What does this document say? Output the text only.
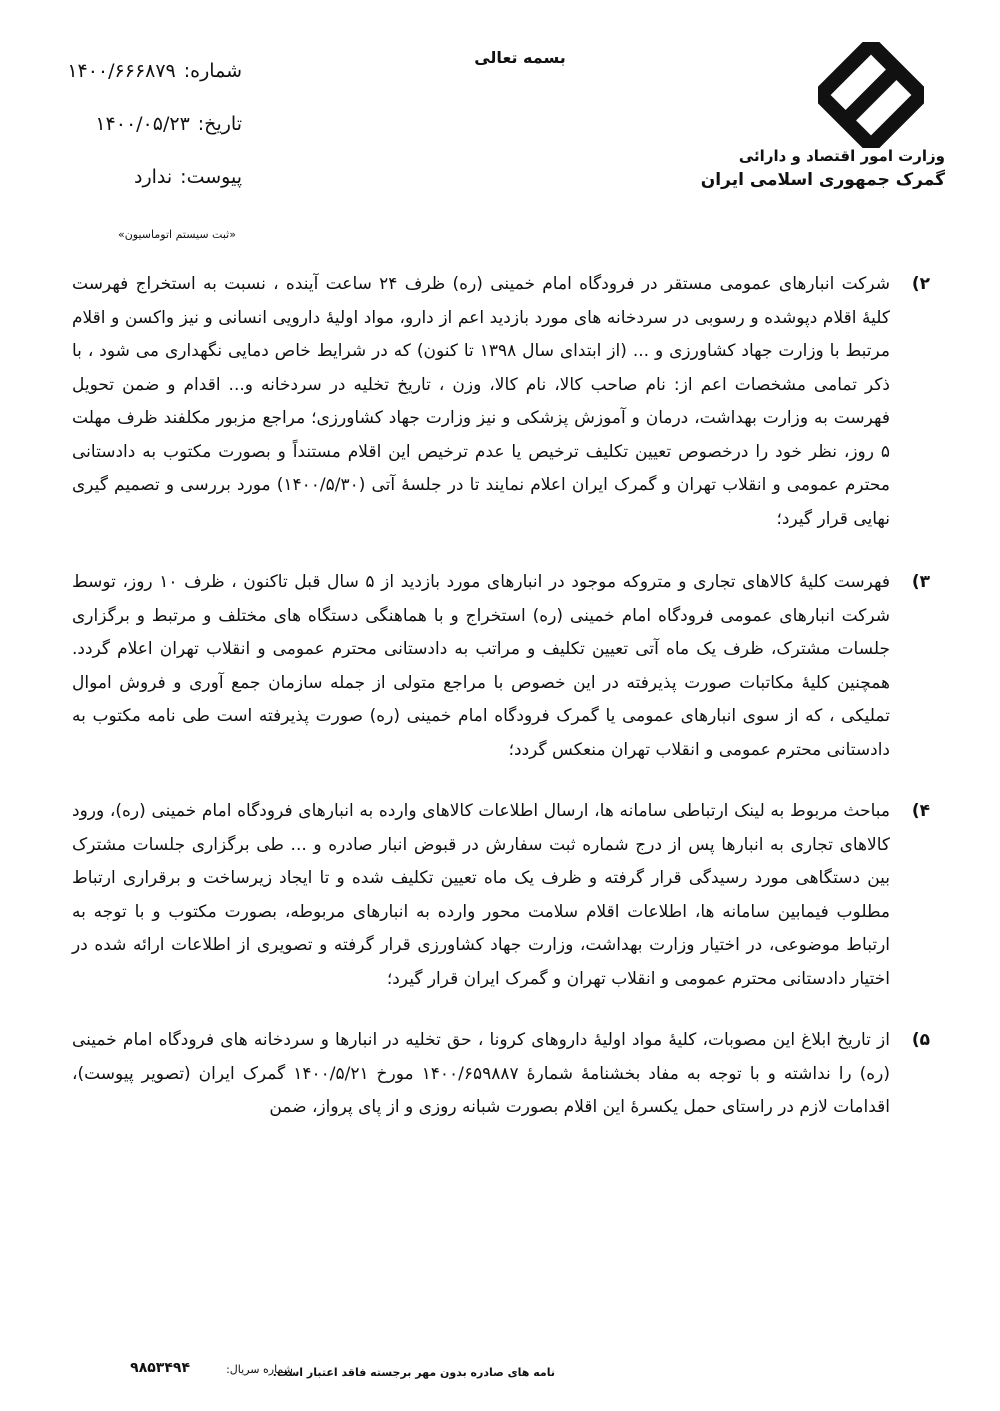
وزارت امور اقتصاد و دارائی
گمرک جمهوری اسلامی ایران
بسمه تعالی
شماره:۱۴۰۰/۶۶۶۸۷۹
تاریخ:۱۴۰۰/۰۵/۲۳
پیوست:ندارد
«ثبت سیستم اتوماسیون»
۲)
شرکت انبارهای عمومی مستقر در فرودگاه امام خمینی (ره) ظرف ۲۴ ساعت آینده ، نسبت به استخراج فهرست کلیهٔ اقلام دپوشده و رسوبی در سردخانه های مورد بازدید اعم از دارو، مواد اولیهٔ دارویی انسانی و نیز واکسن و اقلام مرتبط با وزارت جهاد کشاورزی و ... (از ابتدای سال ۱۳۹۸ تا کنون) که در شرایط خاص دمایی نگهداری می شود ، با ذکر تمامی مشخصات اعم از: نام صاحب کالا، نام کالا، وزن ، تاریخ تخلیه در سردخانه و... اقدام و ضمن تحویل فهرست به وزارت بهداشت، درمان و آموزش پزشکی و نیز وزارت جهاد کشاورزی؛ مراجع مزبور مکلفند ظرف مهلت ۵ روز، نظر خود را درخصوص تعیین تکلیف ترخیص یا عدم ترخیص این اقلام مستنداً و بصورت مکتوب به دادستانی محترم عمومی و انقلاب تهران و گمرک ایران اعلام نمایند تا در جلسهٔ آتی (۱۴۰۰/۵/۳۰) مورد بررسی و تصمیم گیری نهایی قرار گیرد؛
۳)
فهرست کلیهٔ کالاهای تجاری و متروکه موجود در انبارهای مورد بازدید از ۵ سال قبل تاکنون ، ظرف ۱۰ روز، توسط شرکت انبارهای عمومی فرودگاه امام خمینی (ره) استخراج و با هماهنگی دستگاه های مختلف و مرتبط و برگزاری جلسات مشترک، ظرف یک ماه آتی تعیین تکلیف و مراتب به دادستانی محترم عمومی و انقلاب تهران اعلام گردد. همچنین کلیهٔ مکاتبات صورت پذیرفته در این خصوص با مراجع متولی از جمله سازمان جمع آوری و فروش اموال تملیکی ، که از سوی انبارهای عمومی یا گمرک فرودگاه امام خمینی (ره) صورت پذیرفته است طی نامه مکتوب به دادستانی محترم عمومی و انقلاب تهران منعکس گردد؛
۴)
مباحث مربوط به لینک ارتباطی سامانه ها، ارسال اطلاعات کالاهای وارده به انبارهای فرودگاه امام خمینی (ره)، ورود کالاهای تجاری به انبارها پس از درج شماره ثبت سفارش در قبوض انبار صادره و ... طی برگزاری جلسات مشترک بین دستگاهی مورد رسیدگی قرار گرفته و ظرف یک ماه تعیین تکلیف شده و تا ایجاد زیرساخت و برقراری ارتباط مطلوب فیمابین سامانه ها، اطلاعات اقلام سلامت محور وارده به انبارهای مربوطه، بصورت مکتوب و با توجه به ارتباط موضوعی، در اختیار وزارت بهداشت، وزارت جهاد کشاورزی قرار گرفته و تصویری از اطلاعات ارائه شده در اختیار دادستانی محترم عمومی و انقلاب تهران و گمرک ایران قرار گیرد؛
۵)
از تاریخ ابلاغ این مصوبات، کلیهٔ مواد اولیهٔ داروهای کرونا ، حق تخلیه در انبارها و سردخانه های فرودگاه امام خمینی (ره) را نداشته و با توجه به مفاد بخشنامهٔ شمارهٔ ۱۴۰۰/۶۵۹۸۸۷ مورخ ۱۴۰۰/۵/۲۱ گمرک ایران (تصویر پیوست)، اقدامات لازم در راستای حمل یکسرهٔ این اقلام بصورت شبانه روزی و از پای پرواز، ضمن
نامه های صادره بدون مهر برجسته فاقد اعتبار است.
شماره سریال:
۹۸۵۳۴۹۴
